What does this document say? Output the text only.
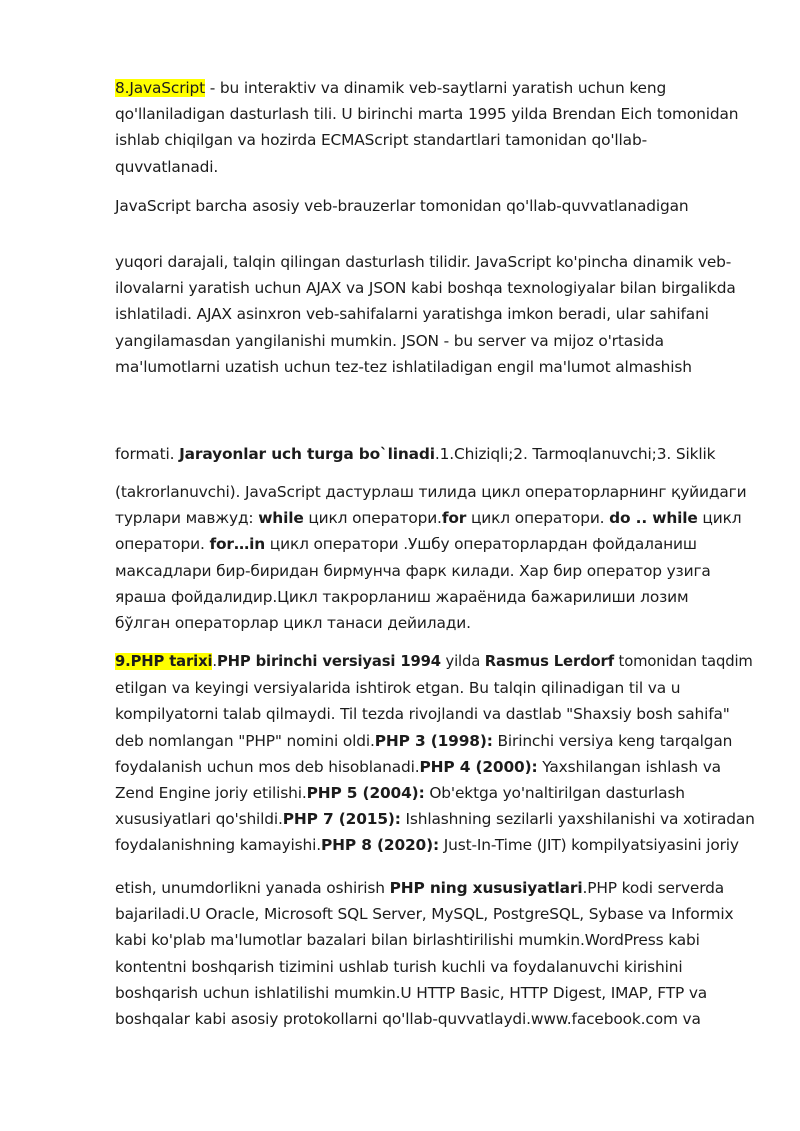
8.JavaScript - bu interaktiv va dinamik veb-saytlarni yaratish uchun keng
qo'llaniladigan dasturlash tili. U birinchi marta 1995 yilda Brendan Eich tomonidan
ishlab chiqilgan va hozirda ECMAScript standartlari tamonidan qo'llab-
quvvatlanadi.

JavaScript barcha asosiy veb-brauzerlar tomonidan qo'llab-quvvatlanadigan

yuqori darajali, talqin qilingan dasturlash tilidir. JavaScript ko'pincha dinamik veb-
ilovalarni yaratish uchun AJAX va JSON kabi boshqa texnologiyalar bilan birgalikda
ishlatiladi. AJAX asinxron veb-sahifalarni yaratishga imkon beradi, ular sahifani
yangilamasdan yangilanishi mumkin. JSON - bu server va mijoz o'rtasida
ma'lumotlarni uzatish uchun tez-tez ishlatiladigan engil ma'lumot almashish

formati. Jarayonlar uch turga bo`linadi.1.Chiziqli;2. Tarmoqlanuvchi;3. Siklik

(takrorlanuvchi). JavaScript дастурлаш тилида цикл операторларнинг қуйидаги
турлари мавжуд: while цикл оператори.for цикл оператори. do .. while цикл
оператори. for…in цикл оператори .Ушбу операторлардан фойдаланиш
максадлари бир-биридан бирмунча фарк килади. Хар бир оператор узига
яраша фойдалидир.Цикл такрорланиш жараёнида бажарилиши лозим
бўлган операторлар цикл танаси дейилади.

9.PHP tarixi.PHP birinchi versiyasi 1994 yilda Rasmus Lerdorf tomonidan taqdim
etilgan va keyingi versiyalarida ishtirok etgan. Bu talqin qilinadigan til va u
kompilyatorni talab qilmaydi. Til tezda rivojlandi va dastlab "Shaxsiy bosh sahifa"
deb nomlangan "PHP" nomini oldi.PHP 3 (1998): Birinchi versiya keng tarqalgan
foydalanish uchun mos deb hisoblanadi.PHP 4 (2000): Yaxshilangan ishlash va
Zend Engine joriy etilishi.PHP 5 (2004): Ob'ektga yo'naltirilgan dasturlash
xususiyatlari qo'shildi.PHP 7 (2015): Ishlashning sezilarli yaxshilanishi va xotiradan
foydalanishning kamayishi.PHP 8 (2020): Just-In-Time (JIT) kompilyatsiyasini joriy

etish, unumdorlikni yanada oshirish PHP ning xususiyatlari.PHP kodi serverda
bajariladi.U Oracle, Microsoft SQL Server, MySQL, PostgreSQL, Sybase va Informix
kabi ko'plab ma'lumotlar bazalari bilan birlashtirilishi mumkin.WordPress kabi
kontentni boshqarish tizimini ushlab turish kuchli va foydalanuvchi kirishini
boshqarish uchun ishlatilishi mumkin.U HTTP Basic, HTTP Digest, IMAP, FTP va
boshqalar kabi asosiy protokollarni qo'llab-quvvatlaydi.www.facebook.com va
